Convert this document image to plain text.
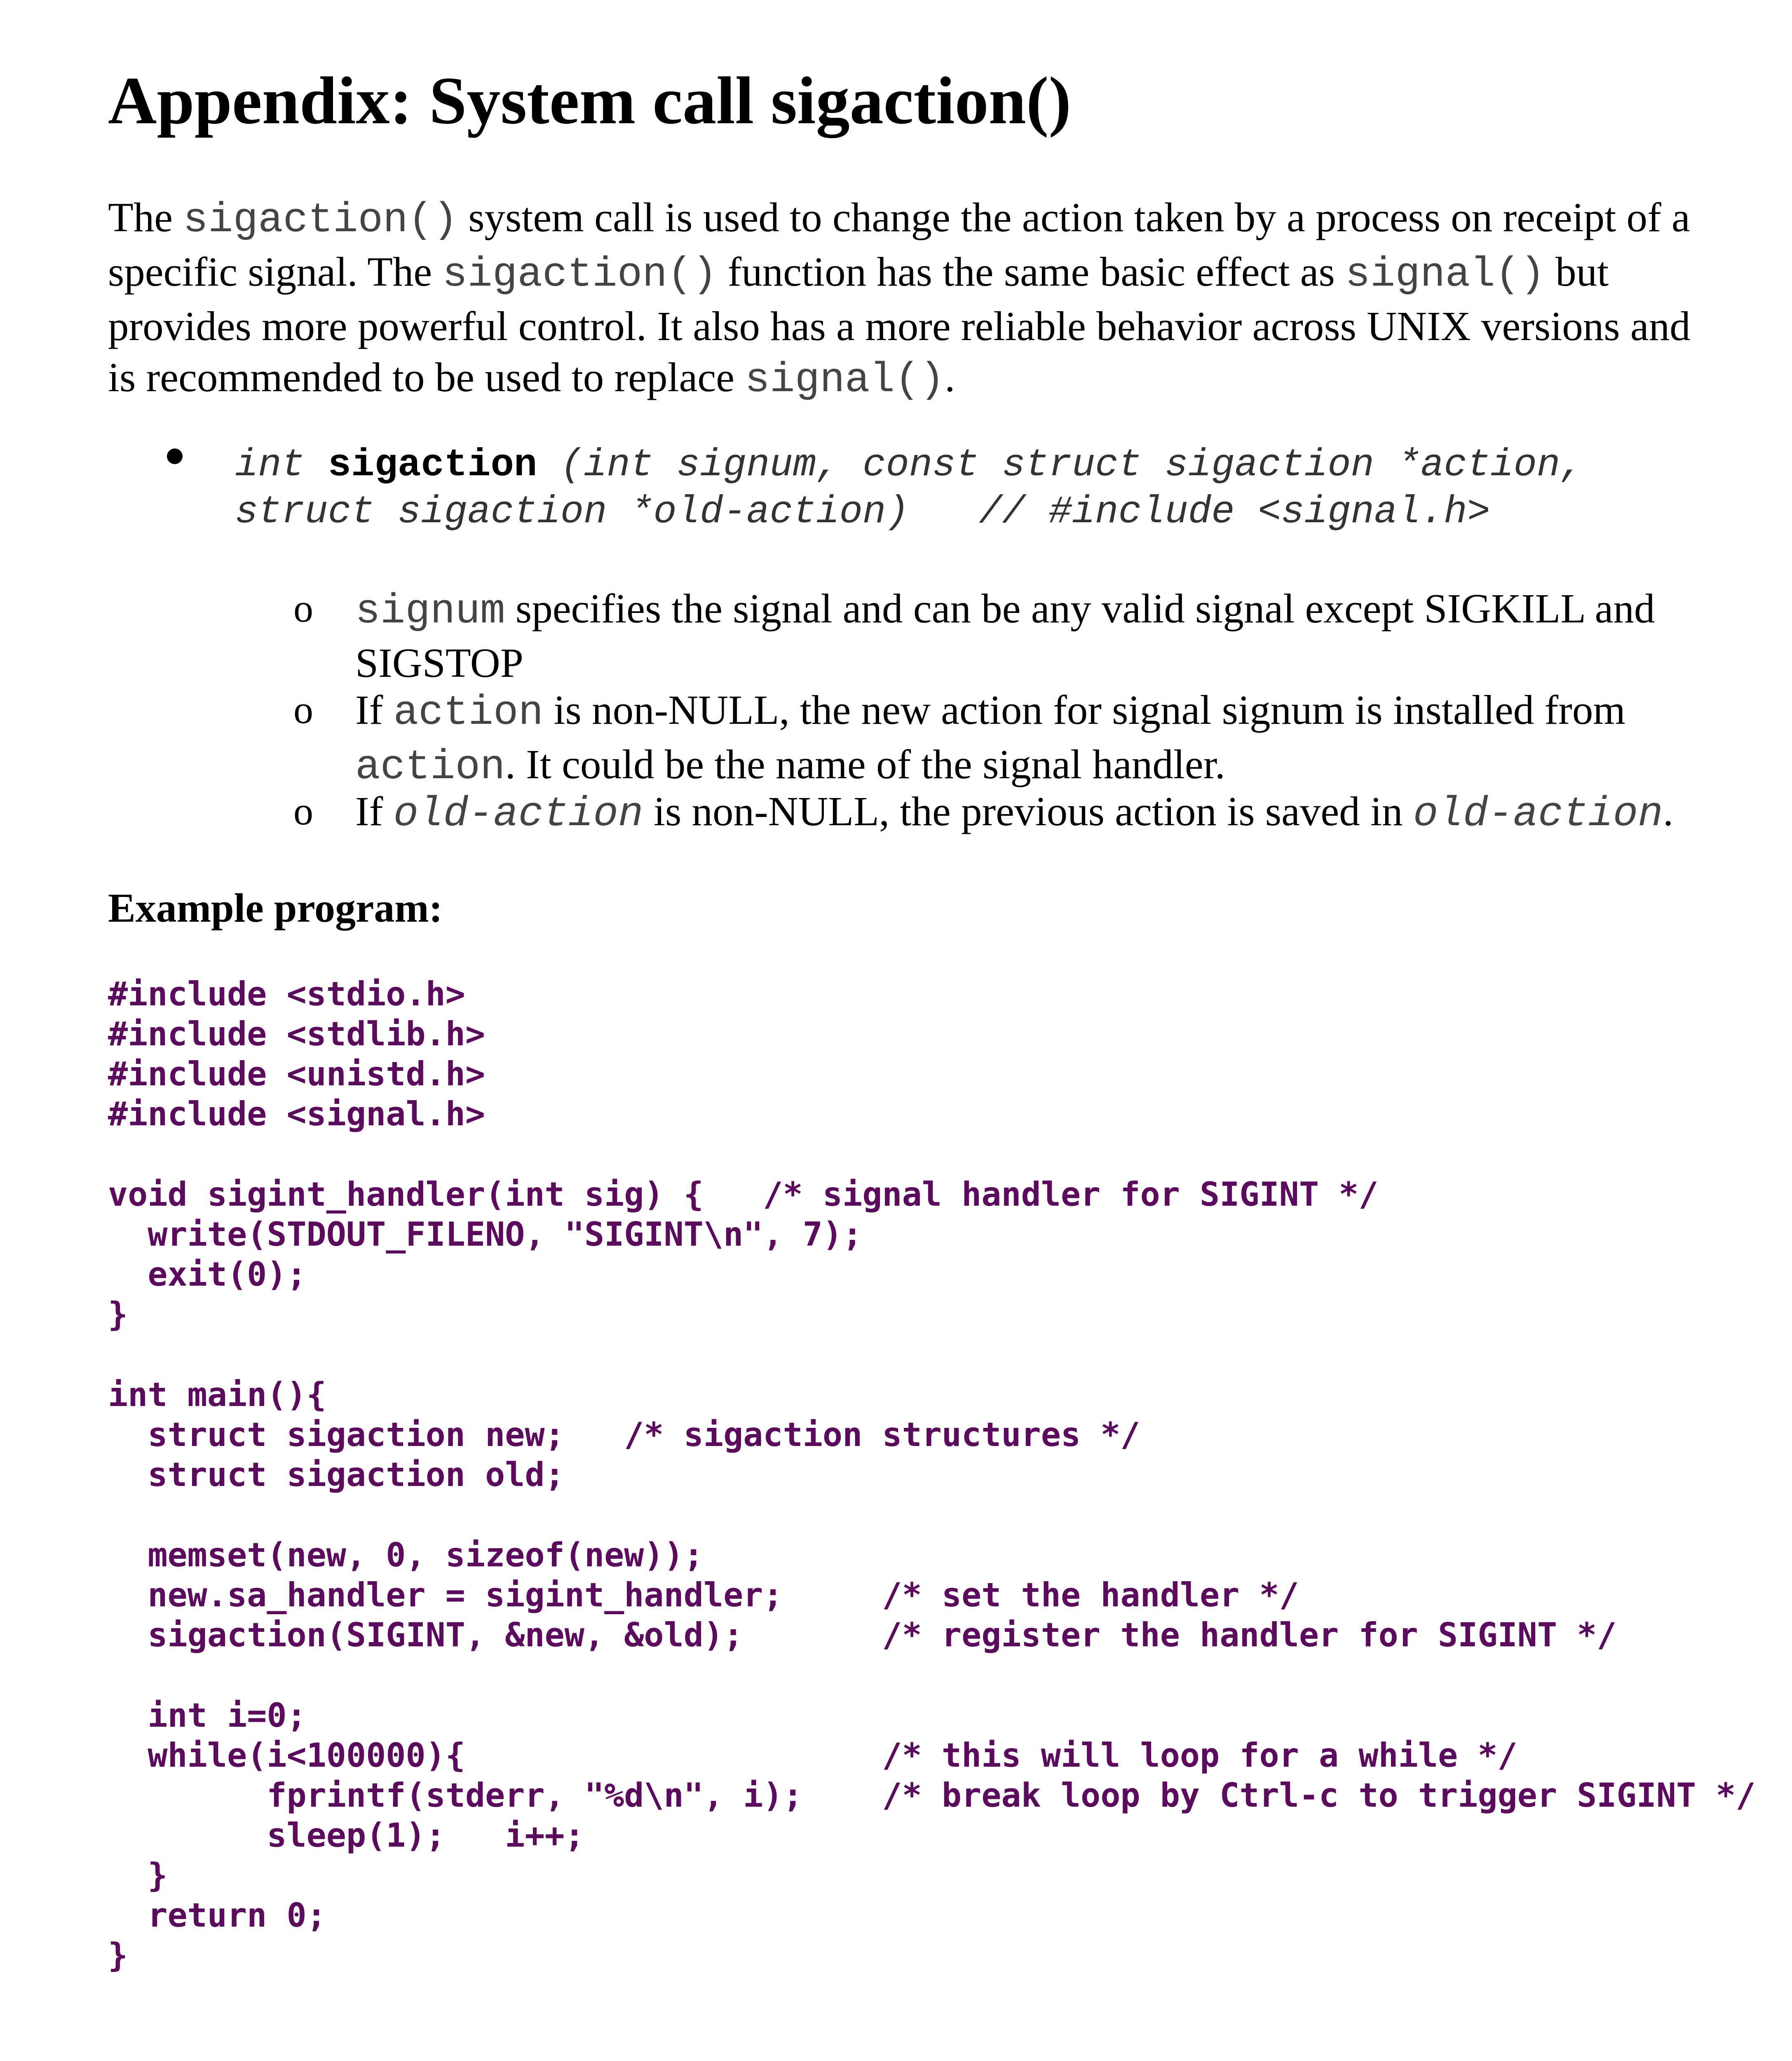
Appendix: System call sigaction()
The sigaction() system call is used to change the action taken by a process on receipt of a
specific signal. The sigaction() function has the same basic effect as signal() but
provides more powerful control. It also has a more reliable behavior across UNIX versions and
is recommended to be used to replace signal().
int sigaction (int signum, const struct sigaction *action,
struct sigaction *old-action)   // #include <signal.h>
o signum specifies the signal and can be any valid signal except SIGKILL and
SIGSTOP
o If action is non-NULL, the new action for signal signum is installed from
action. It could be the name of the signal handler.
o If old-action is non-NULL, the previous action is saved in old-action.
Example program:
#include <stdio.h>
#include <stdlib.h>
#include <unistd.h>
#include <signal.h>
void sigint_handler(int sig) {   /* signal handler for SIGINT */
write(STDOUT_FILENO, "SIGINT\n", 7);
exit(0);
}
int main(){
struct sigaction new;   /* sigaction structures */
struct sigaction old;
memset(new, 0, sizeof(new));
new.sa_handler = sigint_handler;     /* set the handler */
sigaction(SIGINT, &new, &old);       /* register the handler for SIGINT */
int i=0;
while(i<100000){                     /* this will loop for a while */
fprintf(stderr, "%d\n", i);    /* break loop by Ctrl-c to trigger SIGINT */
sleep(1);   i++;
}
return 0;
}
